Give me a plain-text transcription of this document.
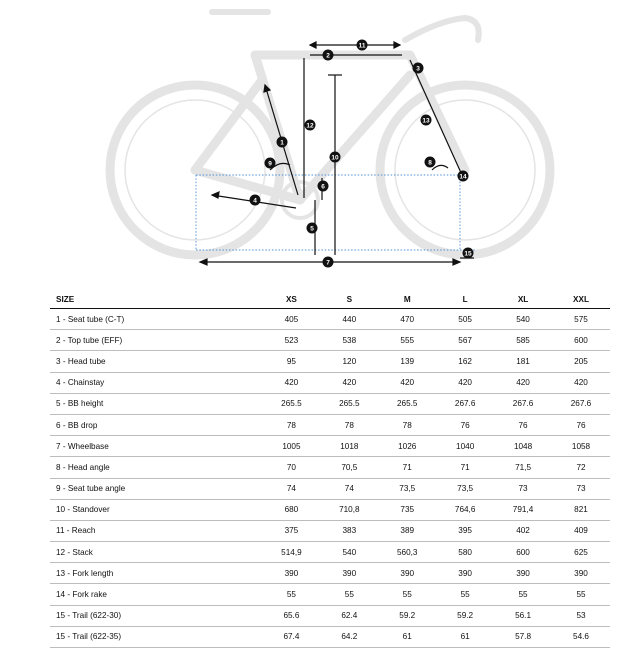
1
2
3
4
5
6
7
8
9
10
11
12
13
14
15
SIZE	XS	S	M	L	XL	XXL
1 - Seat tube (C-T)	405	440	470	505	540	575
2 - Top tube (EFF)	523	538	555	567	585	600
3 - Head tube	95	120	139	162	181	205
4 - Chainstay	420	420	420	420	420	420
5 - BB height	265.5	265.5	265.5	267.6	267.6	267.6
6 - BB drop	78	78	78	76	76	76
7 - Wheelbase	1005	1018	1026	1040	1048	1058
8 - Head angle	70	70,5	71	71	71,5	72
9 - Seat tube angle	74	74	73,5	73,5	73	73
10 - Standover	680	710,8	735	764,6	791,4	821
11 - Reach	375	383	389	395	402	409
12 - Stack	514,9	540	560,3	580	600	625
13 - Fork length	390	390	390	390	390	390
14 - Fork rake	55	55	55	55	55	55
15 - Trail (622-30)	65.6	62.4	59.2	59.2	56.1	53
15 - Trail (622-35)	67.4	64.2	61	61	57.8	54.6
